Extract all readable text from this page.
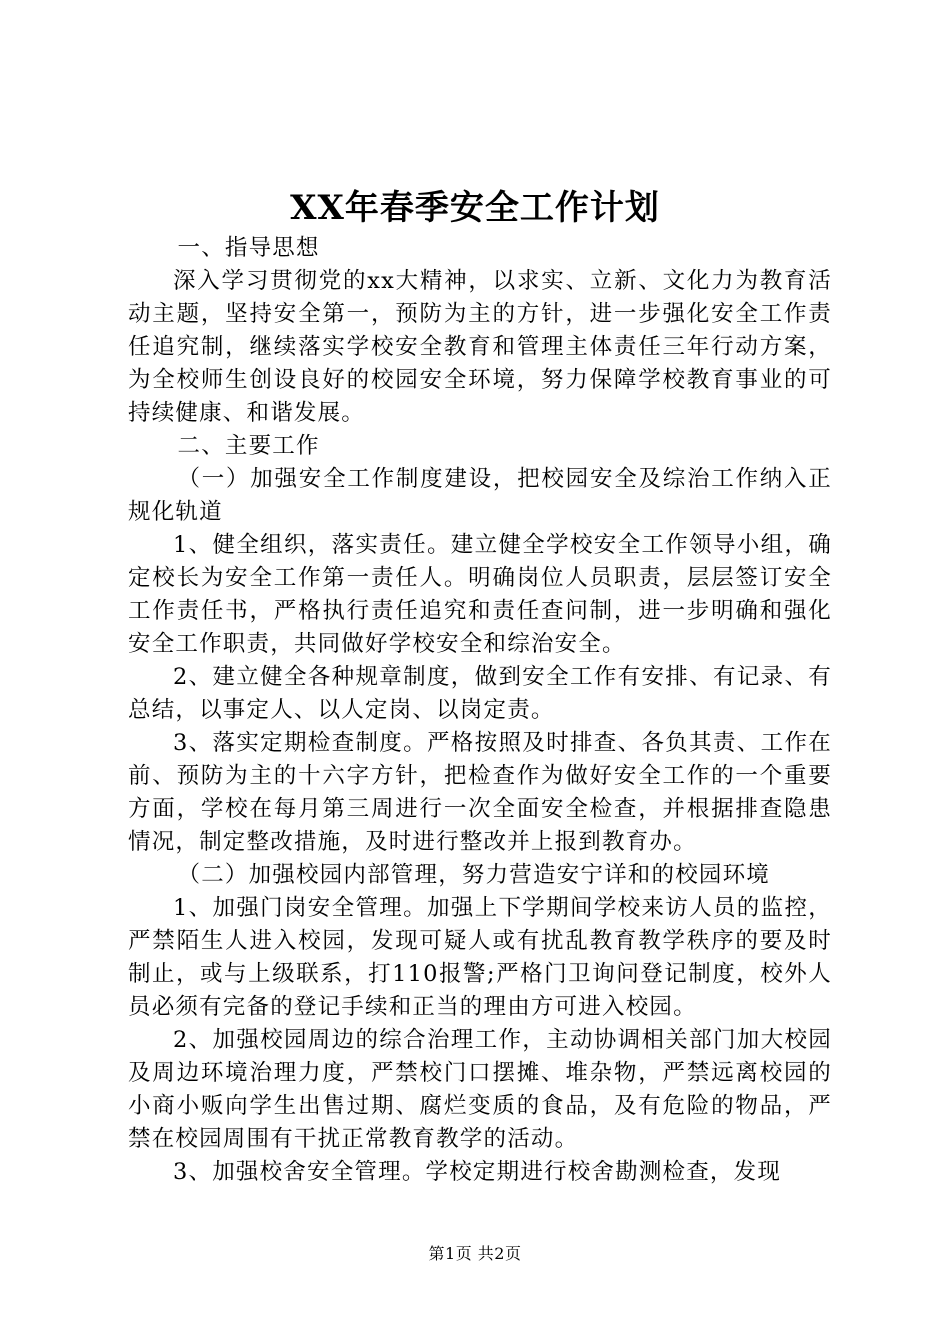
XX年春季安全工作计划

一、指导思想

深入学习贯彻党的xx大精神，以求实、立新、文化力为教育活动主题，坚持安全第一，预防为主的方针，进一步强化安全工作责任追究制，继续落实学校安全教育和管理主体责任三年行动方案，为全校师生创设良好的校园安全环境，努力保障学校教育事业的可持续健康、和谐发展。

二、主要工作

（一）加强安全工作制度建设，把校园安全及综治工作纳入正规化轨道

1、健全组织，落实责任。建立健全学校安全工作领导小组，确定校长为安全工作第一责任人。明确岗位人员职责，层层签订安全工作责任书，严格执行责任追究和责任查问制，进一步明确和强化安全工作职责，共同做好学校安全和综治安全。

2、建立健全各种规章制度，做到安全工作有安排、有记录、有总结，以事定人、以人定岗、以岗定责。

3、落实定期检查制度。严格按照及时排查、各负其责、工作在前、预防为主的十六字方针，把检查作为做好安全工作的一个重要方面，学校在每月第三周进行一次全面安全检查，并根据排查隐患情况，制定整改措施，及时进行整改并上报到教育办。

（二）加强校园内部管理，努力营造安宁详和的校园环境

1、加强门岗安全管理。加强上下学期间学校来访人员的监控，严禁陌生人进入校园，发现可疑人或有扰乱教育教学秩序的要及时制止，或与上级联系，打110报警;严格门卫询问登记制度，校外人员必须有完备的登记手续和正当的理由方可进入校园。

2、加强校园周边的综合治理工作，主动协调相关部门加大校园及周边环境治理力度，严禁校门口摆摊、堆杂物，严禁远离校园的小商小贩向学生出售过期、腐烂变质的食品，及有危险的物品，严禁在校园周围有干扰正常教育教学的活动。

3、加强校舍安全管理。学校定期进行校舍勘测检查，发现

第1页 共2页
